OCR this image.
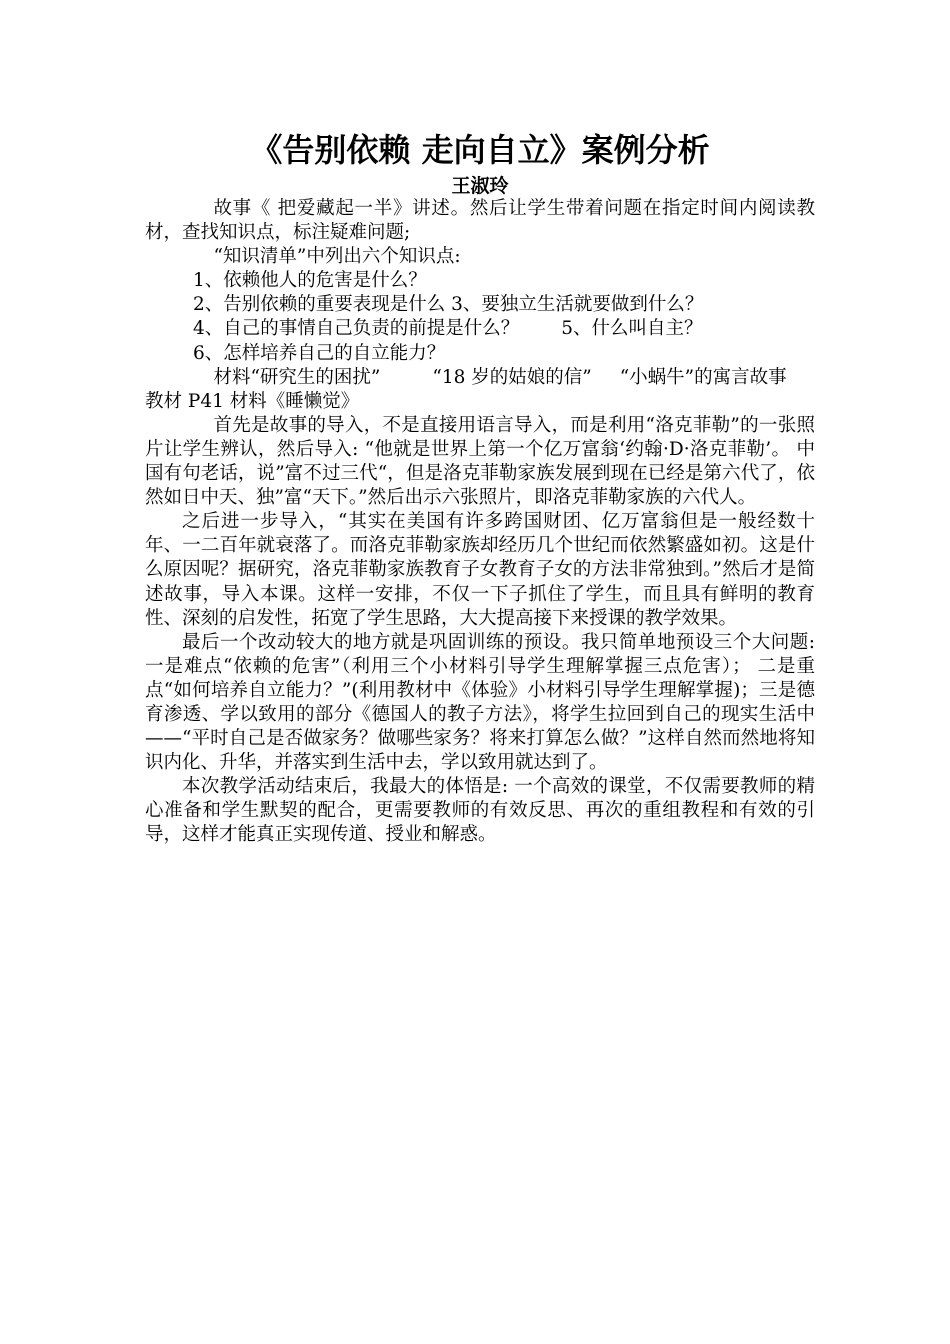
《告别依赖 走向自立》案例分析
王淑玲

故事《 把爱藏起一半》讲述。然后让学生带着问题在指定时间内阅读教材，查找知识点，标注疑难问题;

“知识清单”中列出六个知识点:

1、依赖他人的危害是什么？

2、告别依赖的重要表现是什么 3、要独立生活就要做到什么？

4、自己的事情自己负责的前提是什么？ 5、什么叫自主？

6、怎样培养自己的自立能力？

材料“研究生的困扰”	“18 岁的姑娘的信” “小蜗牛”的寓言故事教材 P41 材料《睡懒觉》

首先是故事的导入，不是直接用语言导入，而是利用“洛克菲勒”的一张照片让学生辨认，然后导入: “他就是世界上第一个亿万富翁‘约翰·D·洛克菲勒’。 中国有句老话，说”富不过三代“，但是洛克菲勒家族发展到现在已经是第六代了，依然如日中天、独”富“天下。”然后出示六张照片，即洛克菲勒家族的六代人。

之后进一步导入，“其实在美国有许多跨国财团、亿万富翁但是一般经数十年、一二百年就衰落了。而洛克菲勒家族却经历几个世纪而依然繁盛如初。这是什么原因呢？据研究，洛克菲勒家族教育子女教育子女的方法非常独到。”然后才是简述故事，导入本课。这样一安排，不仅一下子抓住了学生，而且具有鲜明的教育性、深刻的启发性，拓宽了学生思路，大大提高接下来授课的教学效果。

最后一个改动较大的地方就是巩固训练的预设。我只简单地预设三个大问题: 一是难点“依赖的危害”（利用三个小材料引导学生理解掌握三点危害）； 二是重点“如何培养自立能力？”(利用教材中《体验》小材料引导学生理解掌握)；三是德育渗透、学以致用的部分《德国人的教子方法》，将学生拉回到自己的现实生活中——“平时自己是否做家务？做哪些家务？将来打算怎么做？”这样自然而然地将知识内化、升华，并落实到生活中去，学以致用就达到了。

本次教学活动结束后，我最大的体悟是: 一个高效的课堂，不仅需要教师的精心准备和学生默契的配合，更需要教师的有效反思、再次的重组教程和有效的引导，这样才能真正实现传道、授业和解惑。
